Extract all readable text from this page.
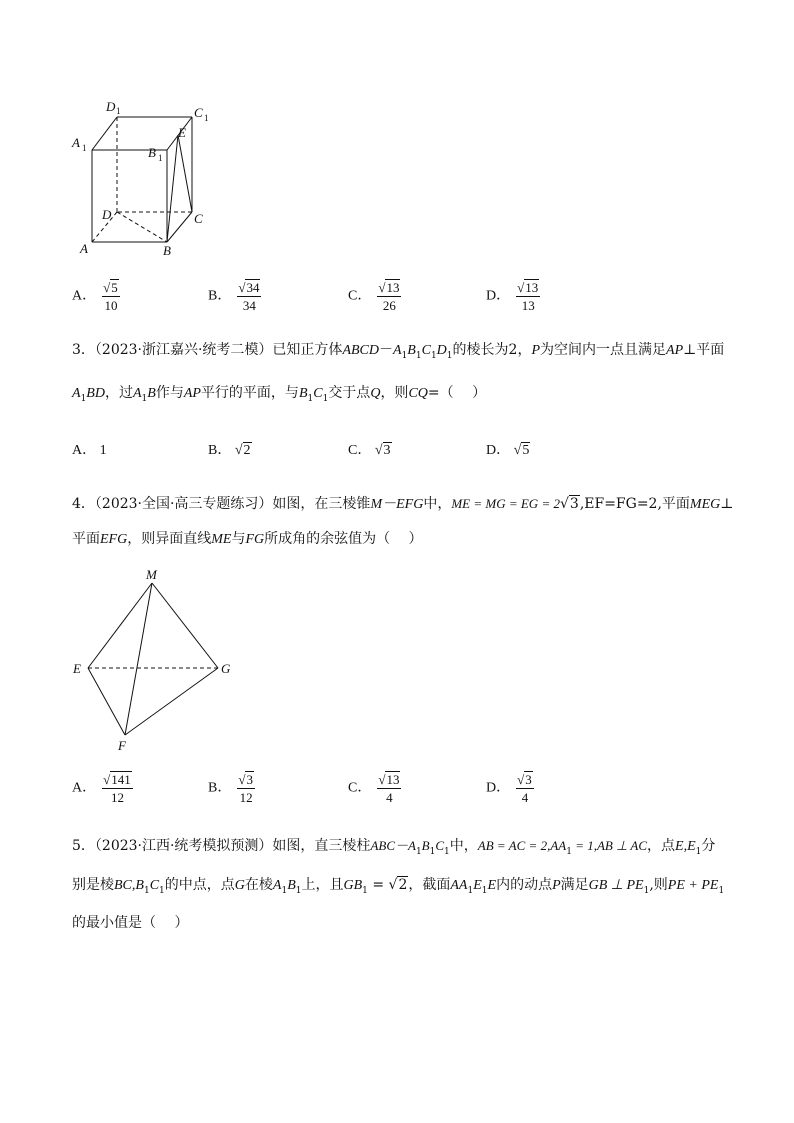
D 1	C 1
A 1	B 1
E
D	C
A	B
A． $\frac{√5}{10}$	B． $\frac{√34}{34}$	C． $\frac{√13}{26}$	D． $\frac{√13}{13}$
3．（2023·浙江嘉兴·统考二模）已知正方体$ABCD-A_1B_1C_1D_1$的棱长为2，P为空间内一点且满足AP⊥平面
$A_1BD$，过$A_1B$作与AP平行的平面，与$B_1C_1$交于点Q，则CQ=（　 ）
A． 1	B． √2	C． √3	D． √5
4．（2023·全国·高三专题练习）如图，在三棱锥M－EFG中，ME = MG = EG = 2√3,EF=FG=2,平面MEG⊥
平面EFG，则异面直线ME与FG所成角的余弦值为（　 ）
M
E	G
F
A． $\frac{√141}{12}$	B． $\frac{√3}{12}$	C． $\frac{√13}{4}$	D． $\frac{√3}{4}$
5．（2023·江西·统考模拟预测）如图，直三棱柱$ABC-A_1B_1C_1$中，AB = AC = $2,AA_1 = 1,AB$ ⊥ AC，点$E,E_1$分
别是棱$BC,B_1C_1$的中点，点G在棱$A_1B_1$上，且$GB_1 = √2$，截面$AA_1E_1E$内的动点P满足GB ⊥ $PE_1$,则PE + $PE_1$
的最小值是（　 ）
